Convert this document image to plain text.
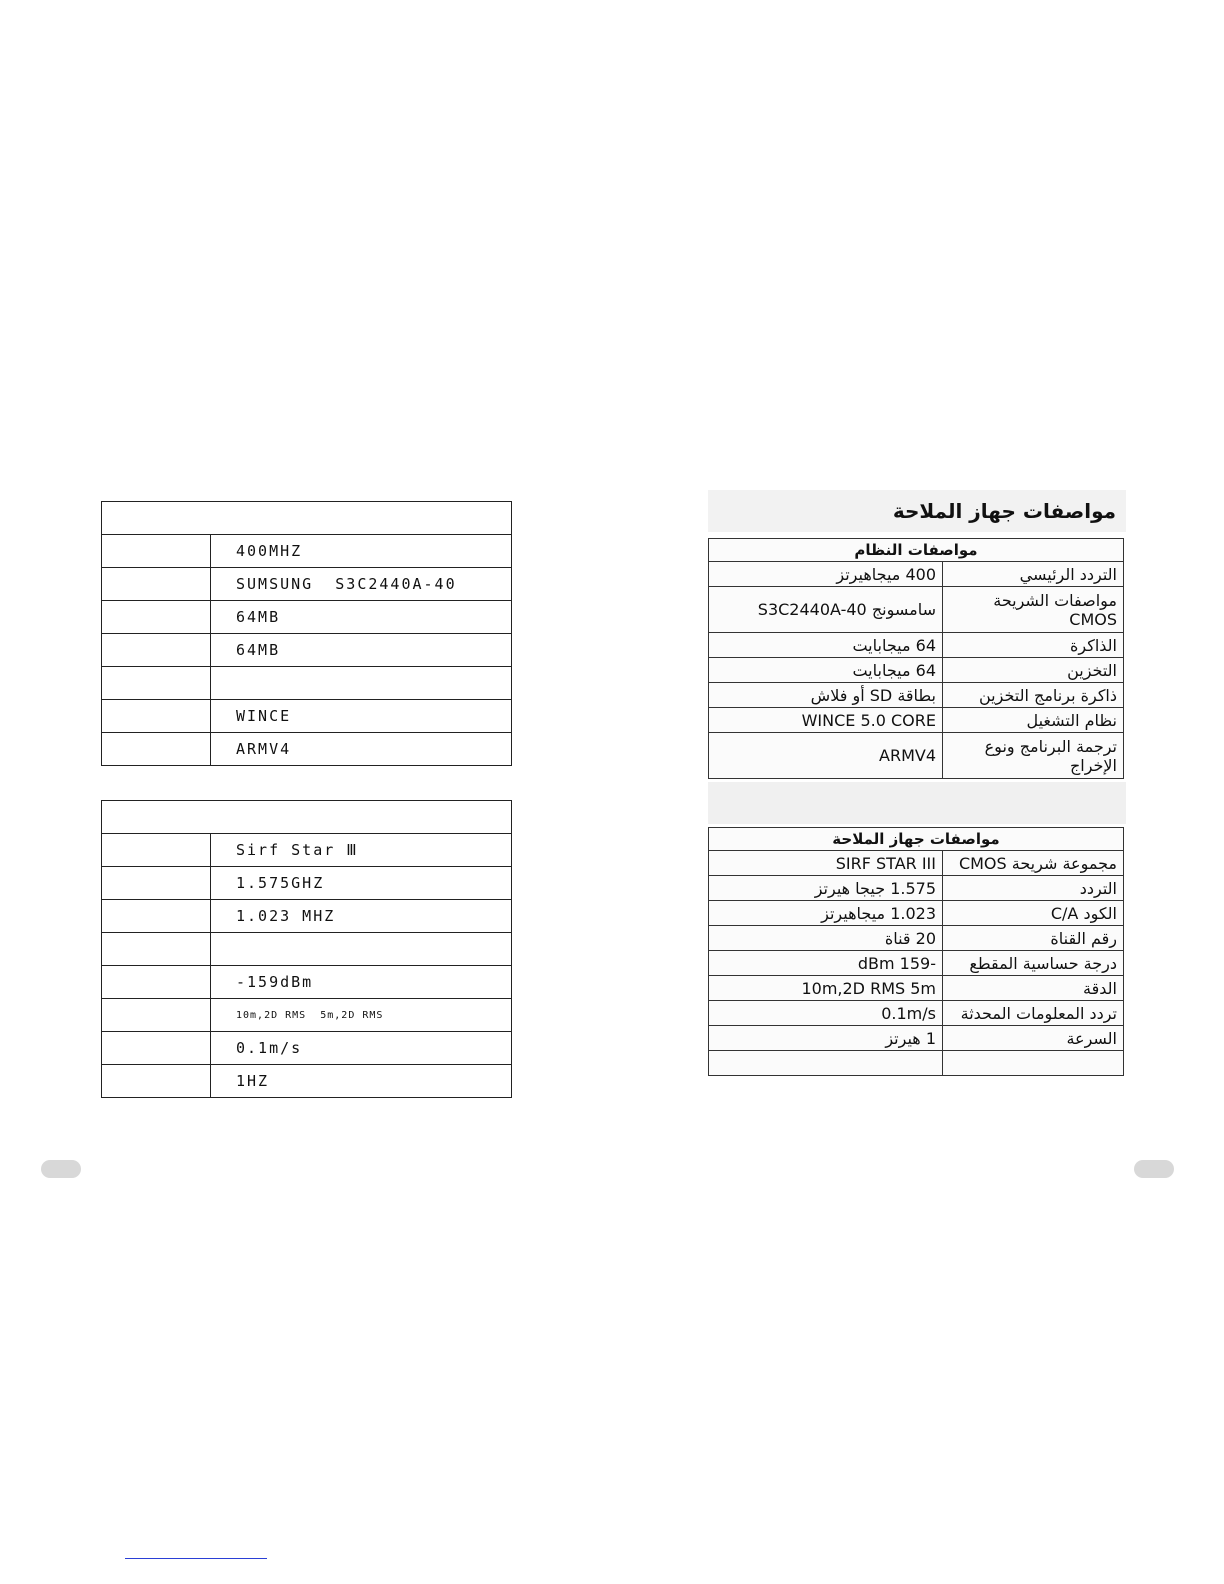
	400MHZ
	SUMSUNG  S3C2440A-40
	64MB
	64MB

	WINCE
	ARMV4

	Sirf Star Ⅲ
	1.575GHZ
	1.023 MHZ

	-159dBm
	10m,2D RMS  5m,2D RMS
	0.1m/s
	1HZ
مواصفات جهاز الملاحة
مواصفات النظام	
التردد الرئيسي	400 ميجاهيرتز
مواصفات الشريحة CMOS	سامسونج S3C2440A-40
الذاكرة	64 ميجابايت
التخزين	64 ميجابايت
ذاكرة برنامج التخزين	بطاقة SD أو فلاش
نظام التشغيل	WINCE 5.0 CORE
ترجمة البرنامج ونوع الإخراج	ARMV4
مواصفات جهاز الملاحة	
مجموعة شريحة CMOS	SIRF STAR III
التردد	1.575 جيجا هيرتز
الكود C/A	1.023 ميجاهيرتز
رقم القناة	20 قناة
درجة حساسية المقطع	-159 dBm
الدقة	10m,2D RMS 5m
تردد المعلومات المحدثة	0.1m/s
السرعة	1 هيرتز
